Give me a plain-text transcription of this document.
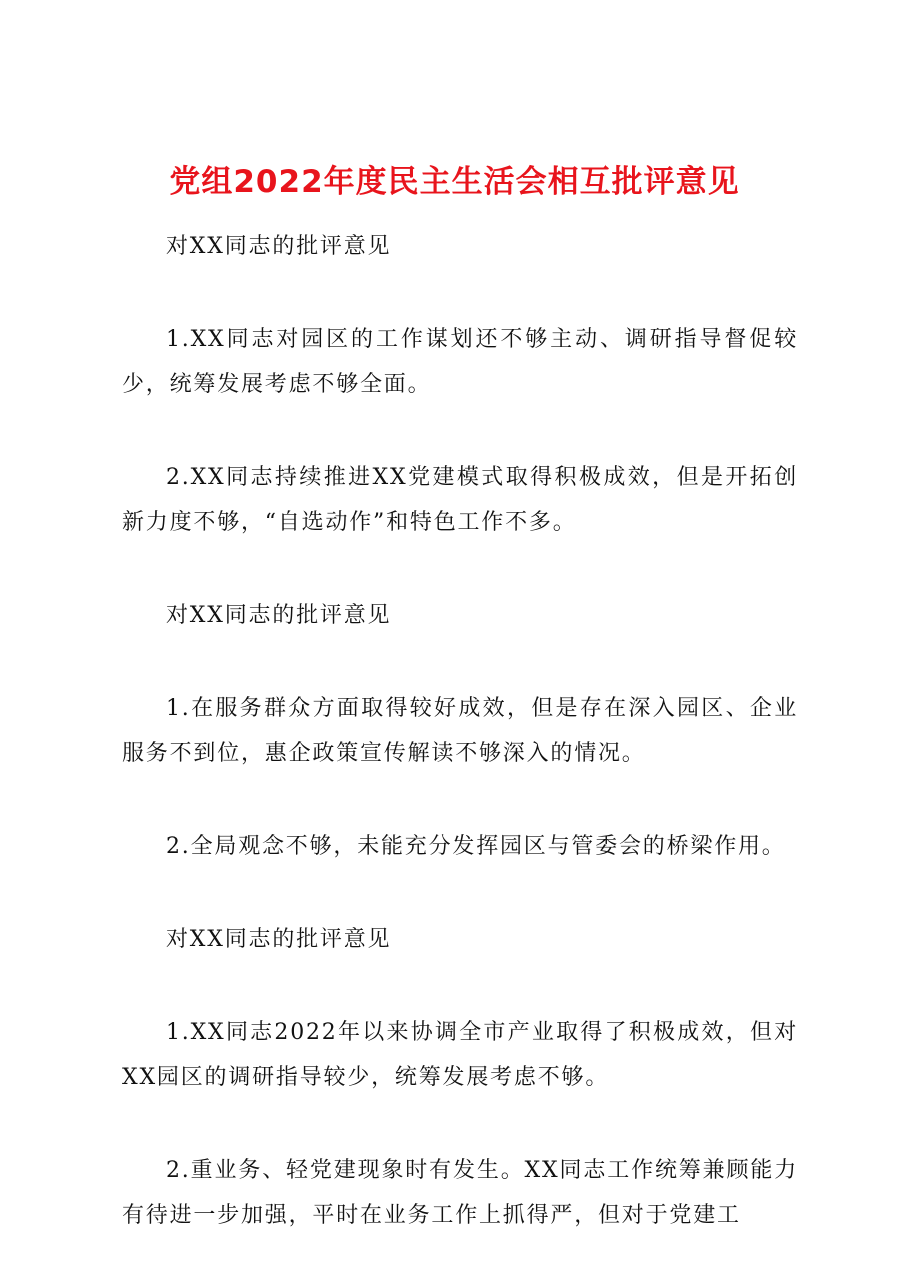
党组2022年度民主生活会相互批评意见

对XX同志的批评意见

1.XX同志对园区的工作谋划还不够主动、调研指导督促较少，统筹发展考虑不够全面。

2.XX同志持续推进XX党建模式取得积极成效，但是开拓创新力度不够，“自选动作”和特色工作不多。

对XX同志的批评意见

1.在服务群众方面取得较好成效，但是存在深入园区、企业服务不到位，惠企政策宣传解读不够深入的情况。

2.全局观念不够，未能充分发挥园区与管委会的桥梁作用。

对XX同志的批评意见

1.XX同志2022年以来协调全市产业取得了积极成效，但对XX园区的调研指导较少，统筹发展考虑不够。

2.重业务、轻党建现象时有发生。XX同志工作统筹兼顾能力有待进一步加强，平时在业务工作上抓得严，但对于党建工
